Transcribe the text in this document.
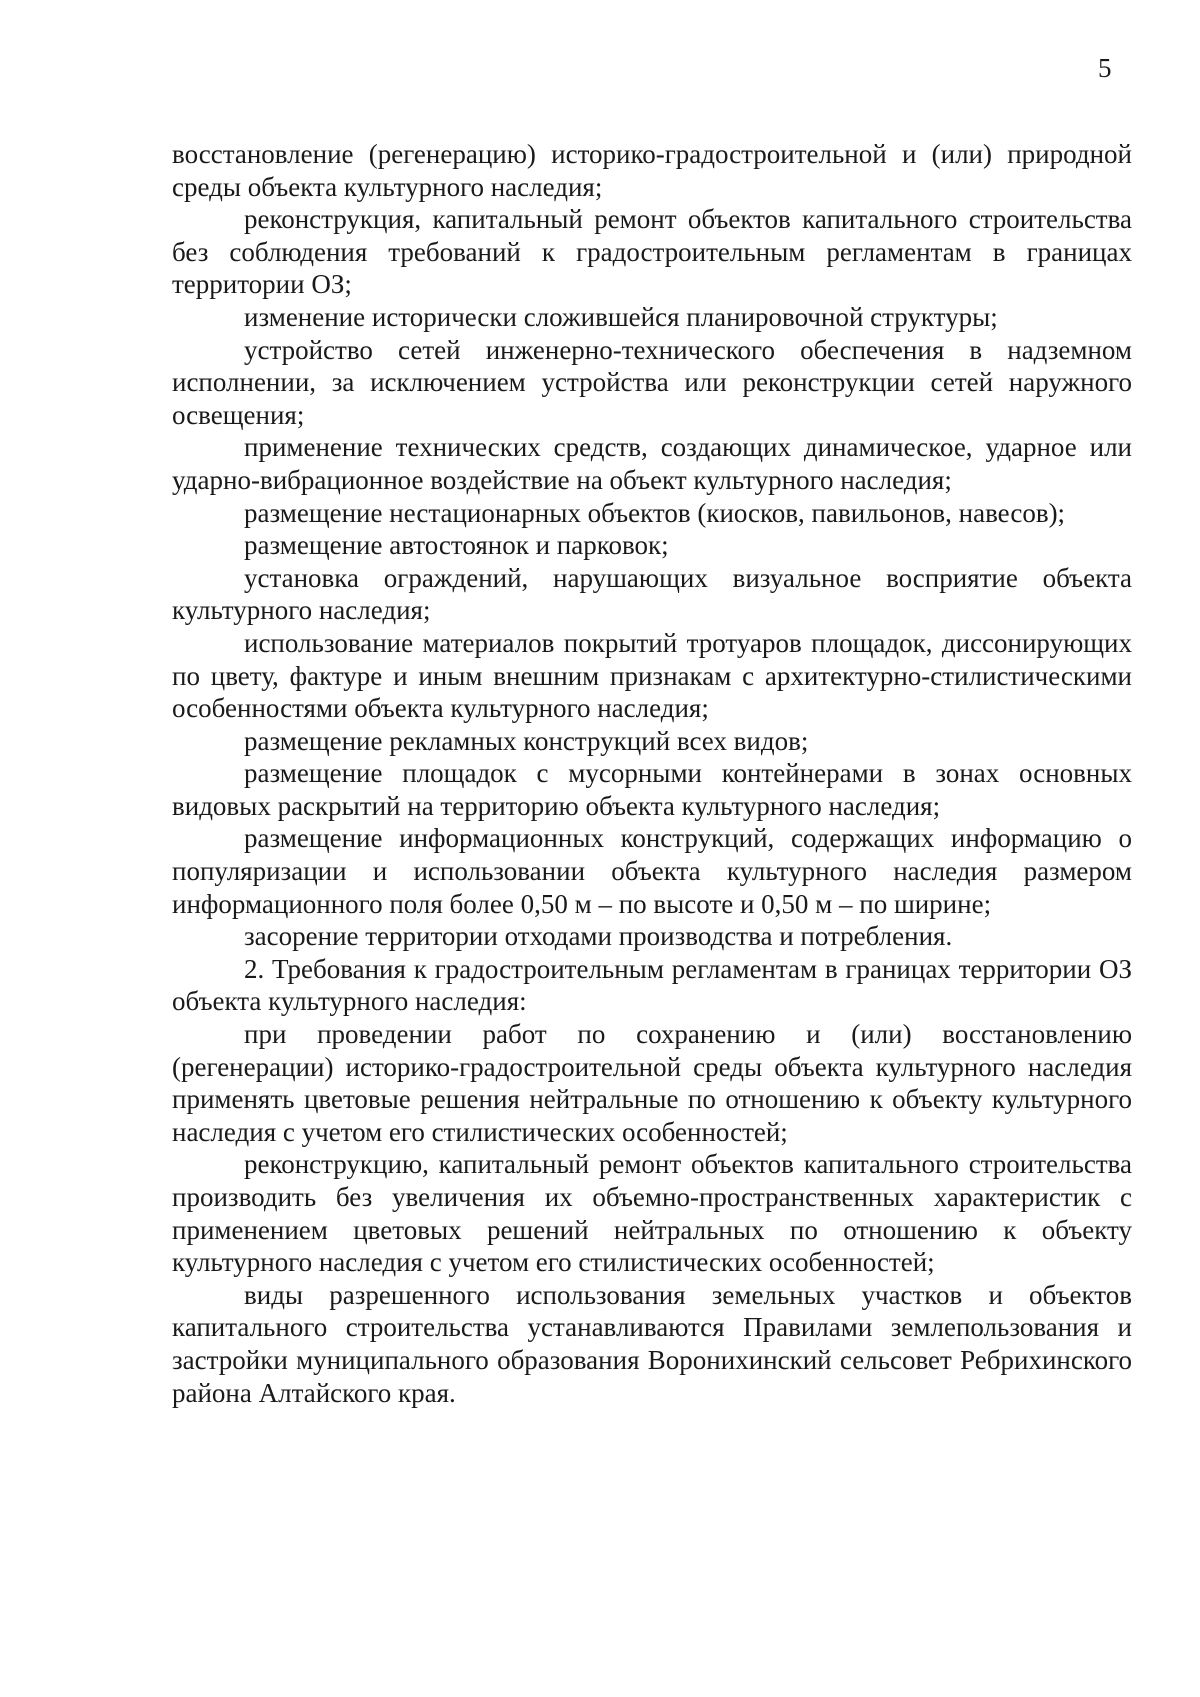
5

восстановление (регенерацию) историко-градостроительной и (или) природной среды объекта культурного наследия;

реконструкция, капитальный ремонт объектов капитального строительства без соблюдения требований к градостроительным регламентам в границах территории ОЗ;

изменение исторически сложившейся планировочной структуры;

устройство сетей инженерно-технического обеспечения в надземном исполнении, за исключением устройства или реконструкции сетей наружного освещения;

применение технических средств, создающих динамическое, ударное или ударно-вибрационное воздействие на объект культурного наследия;

размещение нестационарных объектов (киосков, павильонов, навесов);

размещение автостоянок и парковок;

установка ограждений, нарушающих визуальное восприятие объекта культурного наследия;

использование материалов покрытий тротуаров площадок, диссонирующих по цвету, фактуре и иным внешним признакам с архитектурно-стилистическими особенностями объекта культурного наследия;

размещение рекламных конструкций всех видов;

размещение площадок с мусорными контейнерами в зонах основных видовых раскрытий на территорию объекта культурного наследия;

размещение информационных конструкций, содержащих информацию о популяризации и использовании объекта культурного наследия размером информационного поля более 0,50 м – по высоте и 0,50 м – по ширине;

засорение территории отходами производства и потребления.

2. Требования к градостроительным регламентам в границах территории ОЗ объекта культурного наследия:

при проведении работ по сохранению и (или) восстановлению (регенерации) историко-градостроительной среды объекта культурного наследия применять цветовые решения нейтральные по отношению к объекту культурного наследия с учетом его стилистических особенностей;

реконструкцию, капитальный ремонт объектов капитального строительства производить без увеличения их объемно-пространственных характеристик с применением цветовых решений нейтральных по отношению к объекту культурного наследия с учетом его стилистических особенностей;

виды разрешенного использования земельных участков и объектов капитального строительства устанавливаются Правилами землепользования и застройки муниципального образования Воронихинский сельсовет Ребрихинского района Алтайского края.
